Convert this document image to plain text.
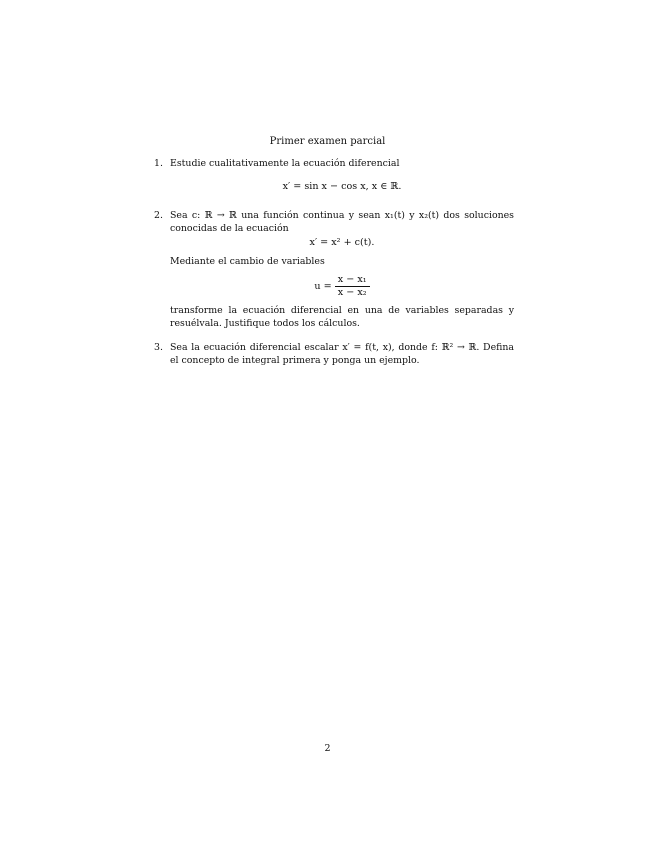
Primer examen parcial
1. Estudie cualitativamente la ecuación diferencial

x′ = sin x − cos x, x ∈ ℝ.
2. Sea c: ℝ → ℝ una función continua y sean x₁(t) y x₂(t) dos soluciones conocidas de la ecuación

x′ = x² + c(t).

Mediante el cambio de variables

$u = \frac{\text{x − x₁}}{\text{x − x₂}}$

transforme la ecuación diferencial en una de variables separadas y resuélvala. Justifique todos los cálculos.

3. Sea la ecuación diferencial escalar x′ = f(t, x), donde f: ℝ² → ℝ. Defina el concepto de integral primera y ponga un ejemplo.

2
